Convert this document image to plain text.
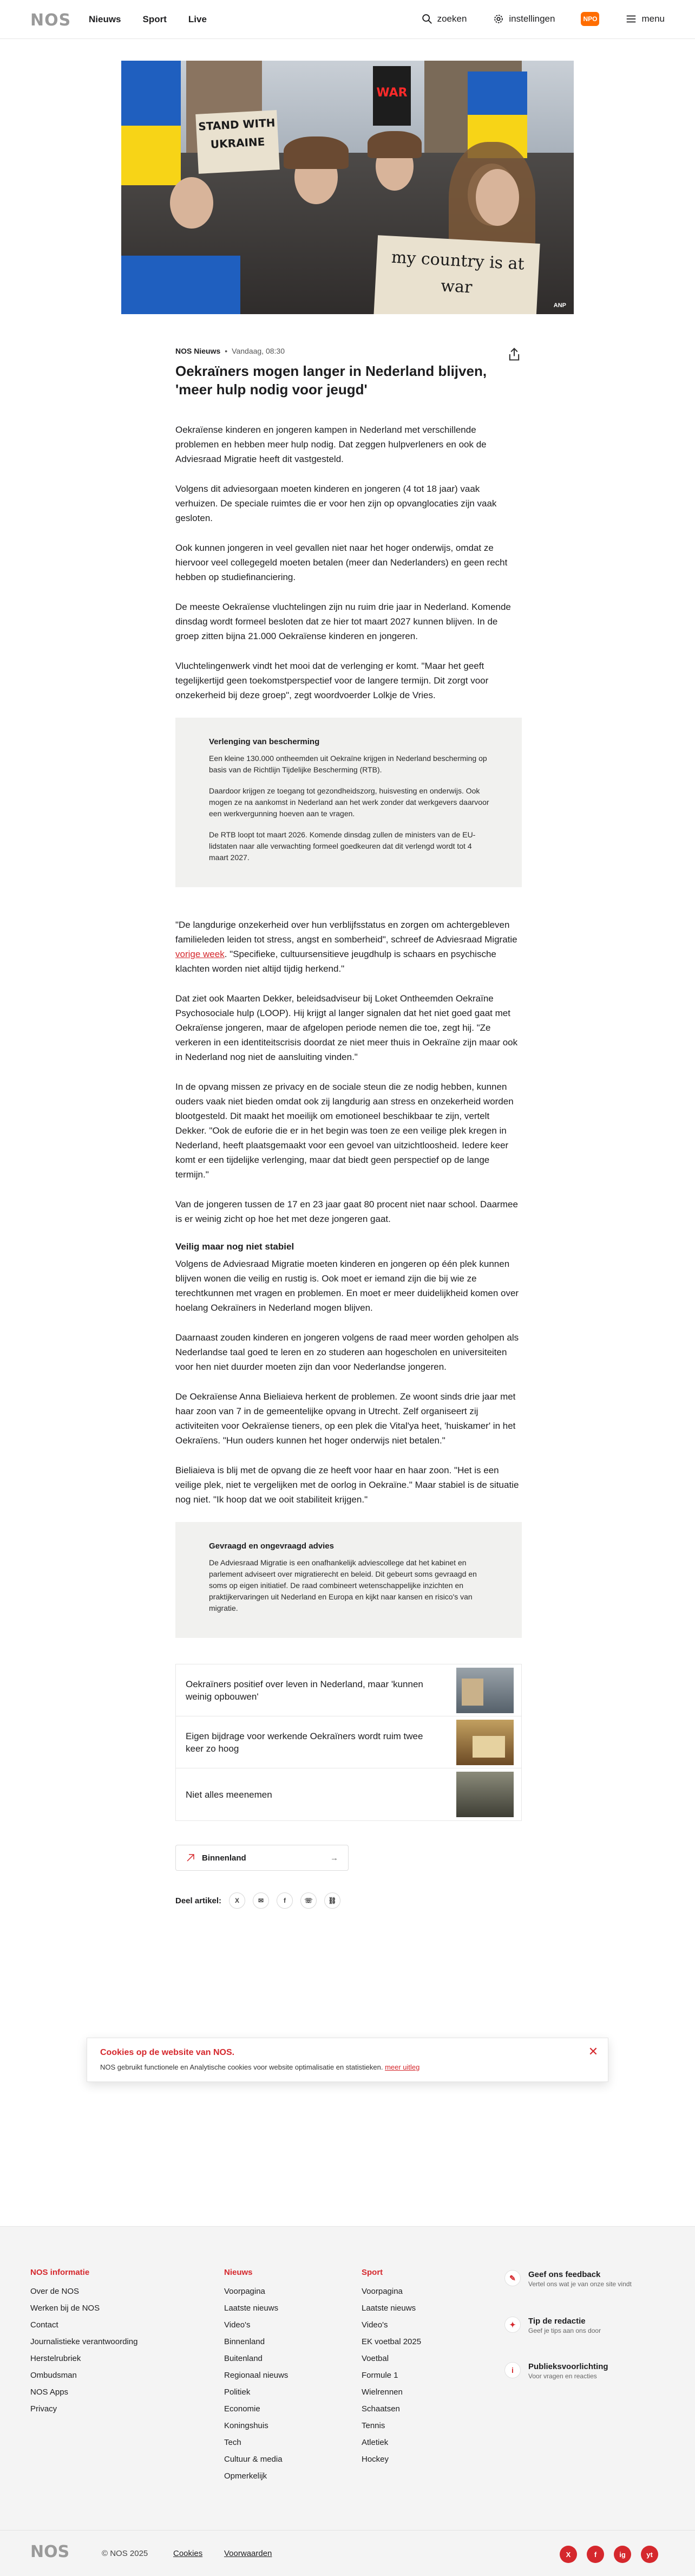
NOS Nieuws Sport Live	zoeken	instellingen	NPO	menu
STAND WITH UKRAINE
WAR
my country is at war
ANP
NOS Nieuws • Vandaag, 08:30
Oekraïners mogen langer in Nederland blijven, 'meer hulp nodig voor jeugd'

Oekraïense kinderen en jongeren kampen in Nederland met verschillende problemen en hebben meer hulp nodig. Dat zeggen hulpverleners en ook de Adviesraad Migratie heeft dit vastgesteld.

Volgens dit adviesorgaan moeten kinderen en jongeren (4 tot 18 jaar) vaak verhuizen. De speciale ruimtes die er voor hen zijn op opvanglocaties zijn vaak gesloten.

Ook kunnen jongeren in veel gevallen niet naar het hoger onderwijs, omdat ze hiervoor veel collegegeld moeten betalen (meer dan Nederlanders) en geen recht hebben op studiefinanciering.

De meeste Oekraïense vluchtelingen zijn nu ruim drie jaar in Nederland. Komende dinsdag wordt formeel besloten dat ze hier tot maart 2027 kunnen blijven. In de groep zitten bijna 21.000 Oekraïense kinderen en jongeren.

Vluchtelingenwerk vindt het mooi dat de verlenging er komt. "Maar het geeft tegelijkertijd geen toekomstperspectief voor de langere termijn. Dit zorgt voor onzekerheid bij deze groep", zegt woordvoerder Lolkje de Vries.

Verlenging van bescherming

Een kleine 130.000 ontheemden uit Oekraïne krijgen in Nederland bescherming op basis van de Richtlijn Tijdelijke Bescherming (RTB).

Daardoor krijgen ze toegang tot gezondheidszorg, huisvesting en onderwijs. Ook mogen ze na aankomst in Nederland aan het werk zonder dat werkgevers daarvoor een werkvergunning hoeven aan te vragen.

De RTB loopt tot maart 2026. Komende dinsdag zullen de ministers van de EU-lidstaten naar alle verwachting formeel goedkeuren dat dit verlengd wordt tot 4 maart 2027.

"De langdurige onzekerheid over hun verblijfsstatus en zorgen om achtergebleven familieleden leiden tot stress, angst en somberheid", schreef de Adviesraad Migratie vorige week. "Specifieke, cultuursensitieve jeugdhulp is schaars en psychische klachten worden niet altijd tijdig herkend."

Dat ziet ook Maarten Dekker, beleidsadviseur bij Loket Ontheemden Oekraïne Psychosociale hulp (LOOP). Hij krijgt al langer signalen dat het niet goed gaat met Oekraïense jongeren, maar de afgelopen periode nemen die toe, zegt hij. "Ze verkeren in een identiteitscrisis doordat ze niet meer thuis in Oekraïne zijn maar ook in Nederland nog niet de aansluiting vinden."

In de opvang missen ze privacy en de sociale steun die ze nodig hebben, kunnen ouders vaak niet bieden omdat ook zij langdurig aan stress en onzekerheid worden blootgesteld. Dit maakt het moeilijk om emotioneel beschikbaar te zijn, vertelt Dekker. "Ook de euforie die er in het begin was toen ze een veilige plek kregen in Nederland, heeft plaatsgemaakt voor een gevoel van uitzichtloosheid. Iedere keer komt er een tijdelijke verlenging, maar dat biedt geen perspectief op de lange termijn."

Van de jongeren tussen de 17 en 23 jaar gaat 80 procent niet naar school. Daarmee is er weinig zicht op hoe het met deze jongeren gaat.

Veilig maar nog niet stabiel

Volgens de Adviesraad Migratie moeten kinderen en jongeren op één plek kunnen blijven wonen die veilig en rustig is. Ook moet er iemand zijn die bij wie ze terechtkunnen met vragen en problemen. En moet er meer duidelijkheid komen over hoelang Oekraïners in Nederland mogen blijven.

Daarnaast zouden kinderen en jongeren volgens de raad meer worden geholpen als Nederlandse taal goed te leren en zo studeren aan hogescholen en universiteiten voor hen niet duurder moeten zijn dan voor Nederlandse jongeren.

De Oekraïense Anna Bieliaieva herkent de problemen. Ze woont sinds drie jaar met haar zoon van 7 in de gemeentelijke opvang in Utrecht. Zelf organiseert zij activiteiten voor Oekraïense tieners, op een plek die Vital'ya heet, 'huiskamer' in het Oekraïens. "Hun ouders kunnen het hoger onderwijs niet betalen."

Bieliaieva is blij met de opvang die ze heeft voor haar en haar zoon. "Het is een veilige plek, niet te vergelijken met de oorlog in Oekraïne." Maar stabiel is de situatie nog niet. "Ik hoop dat we ooit stabiliteit krijgen."

Gevraagd en ongevraagd advies

De Adviesraad Migratie is een onafhankelijk adviescollege dat het kabinet en parlement adviseert over migratierecht en beleid. Dit gebeurt soms gevraagd en soms op eigen initiatief. De raad combineert wetenschappelijke inzichten en praktijkervaringen uit Nederland en Europa en kijkt naar kansen en risico's van migratie.

Oekraïners positief over leven in Nederland, maar 'kunnen weinig opbouwen'
Eigen bijdrage voor werkende Oekraïners wordt ruim twee keer zo hoog
Niet alles meenemen
Binnenland	→
Deel artikel:	X	✉	f	☏	⛓
Cookies op de website van NOS.

NOS gebruikt functionele en Analytische cookies voor website optimalisatie en statistieken. meer uitleg

✕
NOS informatie
Over de NOS
Werken bij de NOS
Contact
Journalistieke verantwoording
Herstelrubriek
Ombudsman
NOS Apps
Privacy
Nieuws
Voorpagina
Laatste nieuws
Video's
Binnenland
Buitenland
Regionaal nieuws
Politiek
Economie
Koningshuis
Tech
Cultuur & media
Opmerkelijk
Sport
Voorpagina
Laatste nieuws
Video's
EK voetbal 2025
Voetbal
Formule 1
Wielrennen
Schaatsen
Tennis
Atletiek
Hockey
✎	Geef ons feedback
Vertel ons wat je van onze site vindt
✦	Tip de redactie
Geef je tips aan ons door
i	Publieksvoorlichting
Voor vragen en reacties
NOS	© NOS 2025	Cookies	Voorwaarden	X	f	ig	yt
